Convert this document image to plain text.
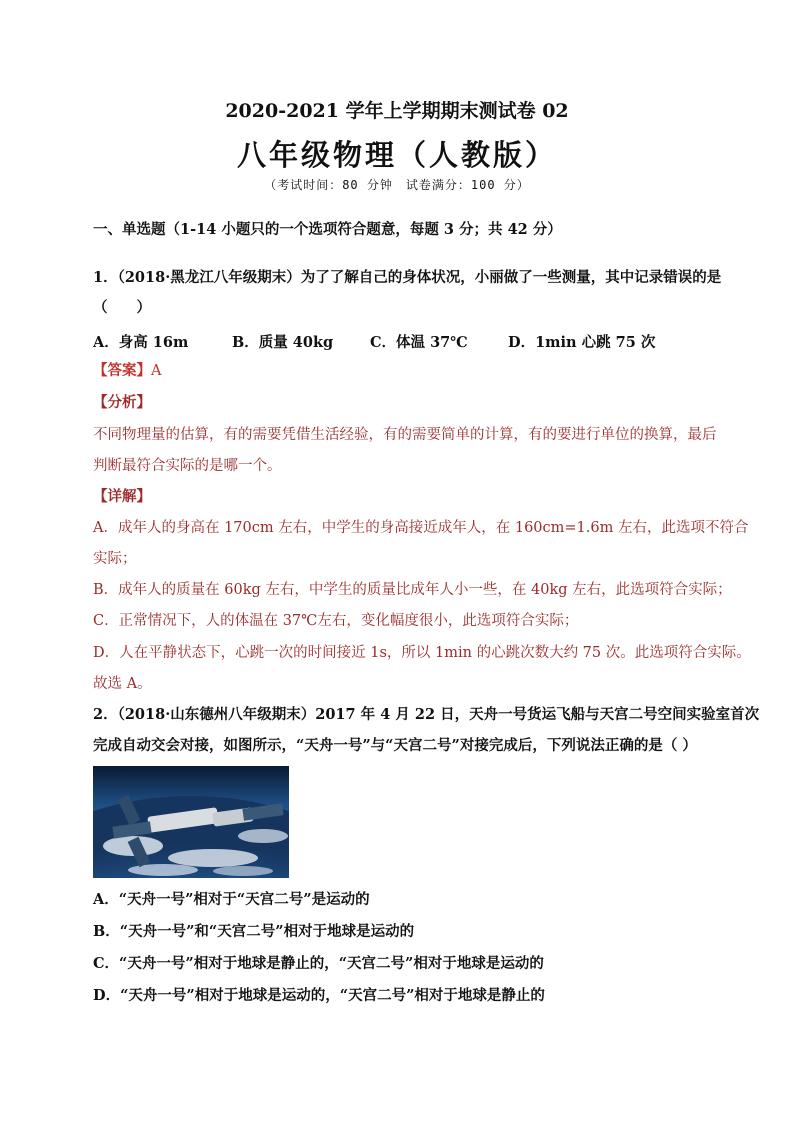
2020-2021 学年上学期期末测试卷 02
八年级物理（人教版）
（考试时间：80 分钟　试卷满分：100 分）
一、单选题（1-14 小题只的一个选项符合题意，每题 3 分；共 42 分）
1．（2018·黑龙江八年级期末）为了了解自己的身体状况，小丽做了一些测量，其中记录错误的是
（　　）
A．身高 16m	B．质量 40kg	C．体温 37℃	D．1min 心跳 75 次
【答案】A
【分析】
不同物理量的估算，有的需要凭借生活经验，有的需要简单的计算，有的要进行单位的换算，最后
判断最符合实际的是哪一个。
【详解】
A．成年人的身高在 170cm 左右，中学生的身高接近成年人，在 160cm=1.6m 左右，此选项不符合
实际；
B．成年人的质量在 60kg 左右，中学生的质量比成年人小一些，在 40kg 左右，此选项符合实际；
C．正常情况下，人的体温在 37℃左右，变化幅度很小，此选项符合实际；
D．人在平静状态下，心跳一次的时间接近 1s，所以 1min 的心跳次数大约 75 次。此选项符合实际。
故选 A。
2．（2018·山东德州八年级期末）2017 年 4 月 22 日，天舟一号货运飞船与天宫二号空间实验室首次
完成自动交会对接，如图所示，“天舟一号”与“天宫二号”对接完成后，下列说法正确的是（ ）
A．“天舟一号”相对于“天宫二号”是运动的
B．“天舟一号”和“天宫二号”相对于地球是运动的
C．“天舟一号”相对于地球是静止的，“天宫二号”相对于地球是运动的
D．“天舟一号”相对于地球是运动的，“天宫二号”相对于地球是静止的
